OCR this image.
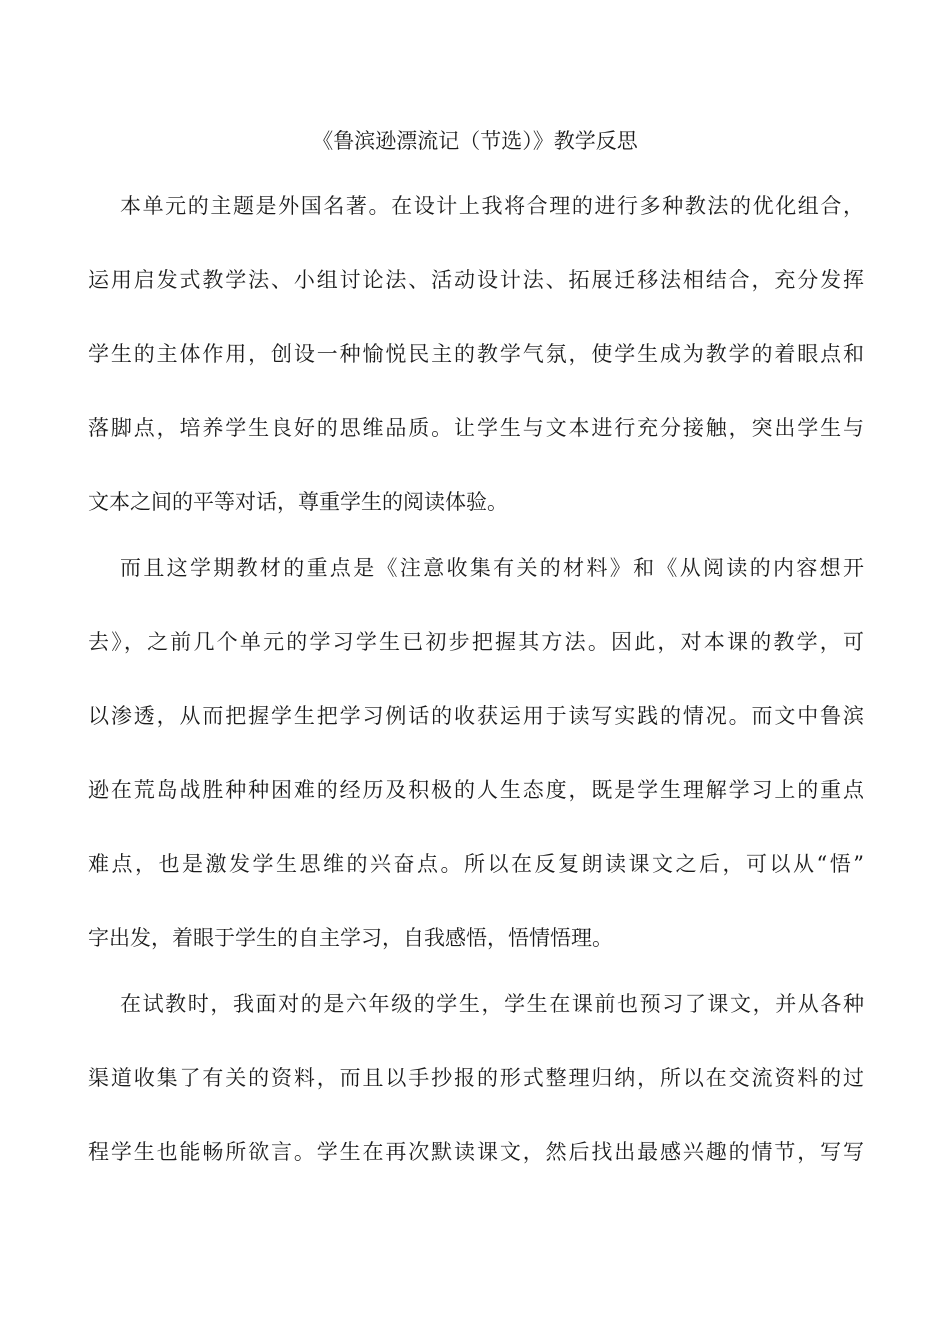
《鲁滨逊漂流记（节选）》教学反思
本单元的主题是外国名著。在设计上我将合理的进行多种教法的优化组合，
运用启发式教学法、小组讨论法、活动设计法、拓展迁移法相结合，充分发挥
学生的主体作用，创设一种愉悦民主的教学气氛，使学生成为教学的着眼点和
落脚点，培养学生良好的思维品质。让学生与文本进行充分接触，突出学生与
文本之间的平等对话，尊重学生的阅读体验。
而且这学期教材的重点是《注意收集有关的材料》和《从阅读的内容想开
去》，之前几个单元的学习学生已初步把握其方法。因此，对本课的教学，可
以渗透，从而把握学生把学习例话的收获运用于读写实践的情况。而文中鲁滨
逊在荒岛战胜种种困难的经历及积极的人生态度，既是学生理解学习上的重点
难点，也是激发学生思维的兴奋点。所以在反复朗读课文之后，可以从“悟”
字出发，着眼于学生的自主学习，自我感悟，悟情悟理。
在试教时，我面对的是六年级的学生，学生在课前也预习了课文，并从各种
渠道收集了有关的资料，而且以手抄报的形式整理归纳，所以在交流资料的过
程学生也能畅所欲言。学生在再次默读课文，然后找出最感兴趣的情节，写写
